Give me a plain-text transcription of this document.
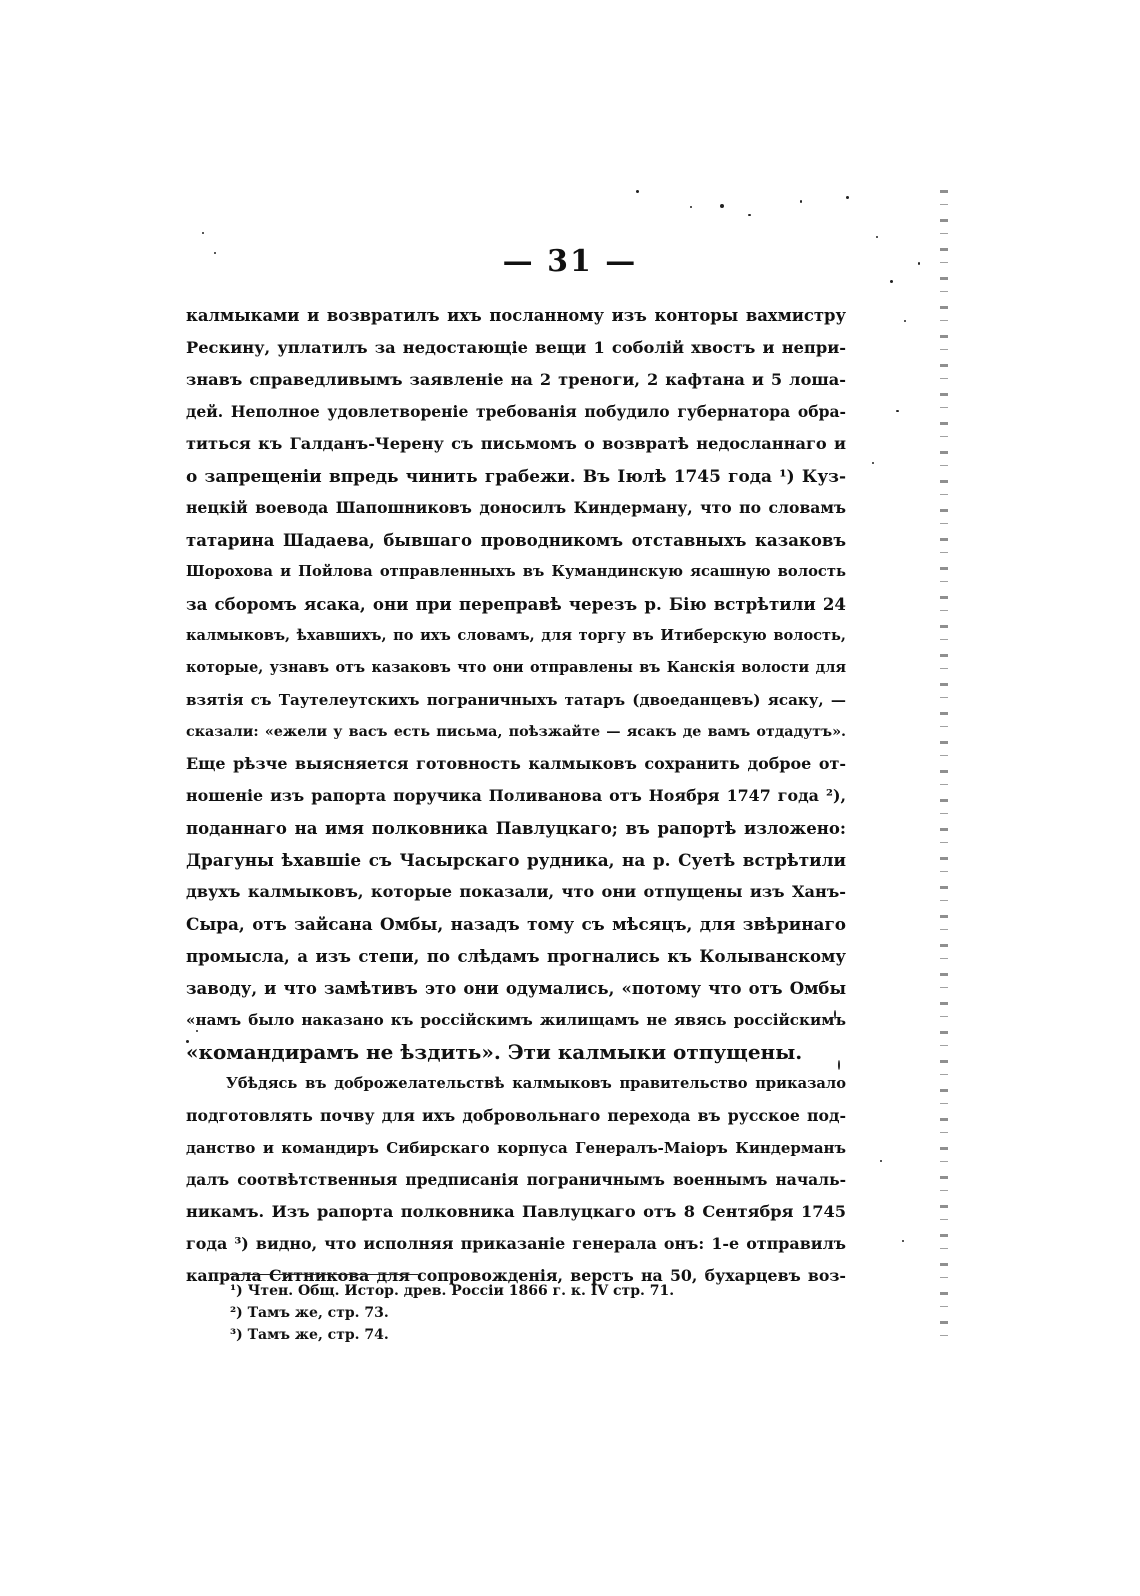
— 31 —
калмыками и возвратилъ ихъ посланному изъ конторы вахмистру
Рескину, уплатилъ за недостающіе вещи 1 соболій хвостъ и непри-
знавъ справедливымъ заявленіе на 2 треноги, 2 кафтана и 5 лоша-
дей. Неполное удовлетвореніе требованія побудило губернатора обра-
титься къ Галданъ-Черену съ письмомъ о возвратѣ недосланнаго и
о запрещеніи впредь чинить грабежи. Въ Іюлѣ 1745 года ¹) Куз-
нецкій воевода Шапошниковъ доносилъ Киндерману, что по словамъ
татарина Шадаева, бывшаго проводникомъ отставныхъ казаковъ
Шорохова и Пойлова отправленныхъ въ Кумандинскую ясашную волость
за сборомъ ясака, они при переправѣ черезъ р. Бію встрѣтили 24
калмыковъ, ѣхавшихъ, по ихъ словамъ, для торгу въ Итиберскую волость,
которые, узнавъ отъ казаковъ что они отправлены въ Канскія волости для
взятія съ Таутелеутскихъ пограничныхъ татаръ (двоеданцевъ) ясаку, —
сказали: «ежели у васъ есть письма, поѣзжайте — ясакъ де вамъ отдадутъ».
Еще рѣзче выясняется готовность калмыковъ сохранить доброе от-
ношеніе изъ рапорта поручика Поливанова отъ Ноября 1747 года ²),
поданнаго на имя полковника Павлуцкаго; въ рапортѣ изложено:
Драгуны ѣхавшіе съ Часырскаго рудника, на р. Суетѣ встрѣтили
двухъ калмыковъ, которые показали, что они отпущены изъ Ханъ-
Сыра, отъ зайсана Омбы, назадъ тому съ мѣсяцъ, для звѣринаго
промысла, а изъ степи, по слѣдамъ прогнались къ Колыванскому
заводу, и что замѣтивъ это они одумались, «потому что отъ Омбы
«намъ было наказано къ россійскимъ жилищамъ не явясь россійскимъ
«командирамъ не ѣздить». Эти калмыки отпущены.
Убѣдясь въ доброжелательствѣ калмыковъ правительство приказало
подготовлять почву для ихъ добровольнаго перехода въ русское под-
данство и командиръ Сибирскаго корпуса Генералъ-Маіоръ Киндерманъ
далъ соотвѣтственныя предписанія пограничнымъ военнымъ началь-
никамъ. Изъ рапорта полковника Павлуцкаго отъ 8 Сентября 1745
года ³) видно, что исполняя приказаніе генерала онъ: 1-е отправилъ
капрала Ситникова для сопровожденія, верстъ на 50, бухарцевъ воз-
¹) Чтен. Общ. Истор. древ. Россіи 1866 г. к. IV стр. 71.
²) Тамъ же, стр. 73.
³) Тамъ же, стр. 74.
